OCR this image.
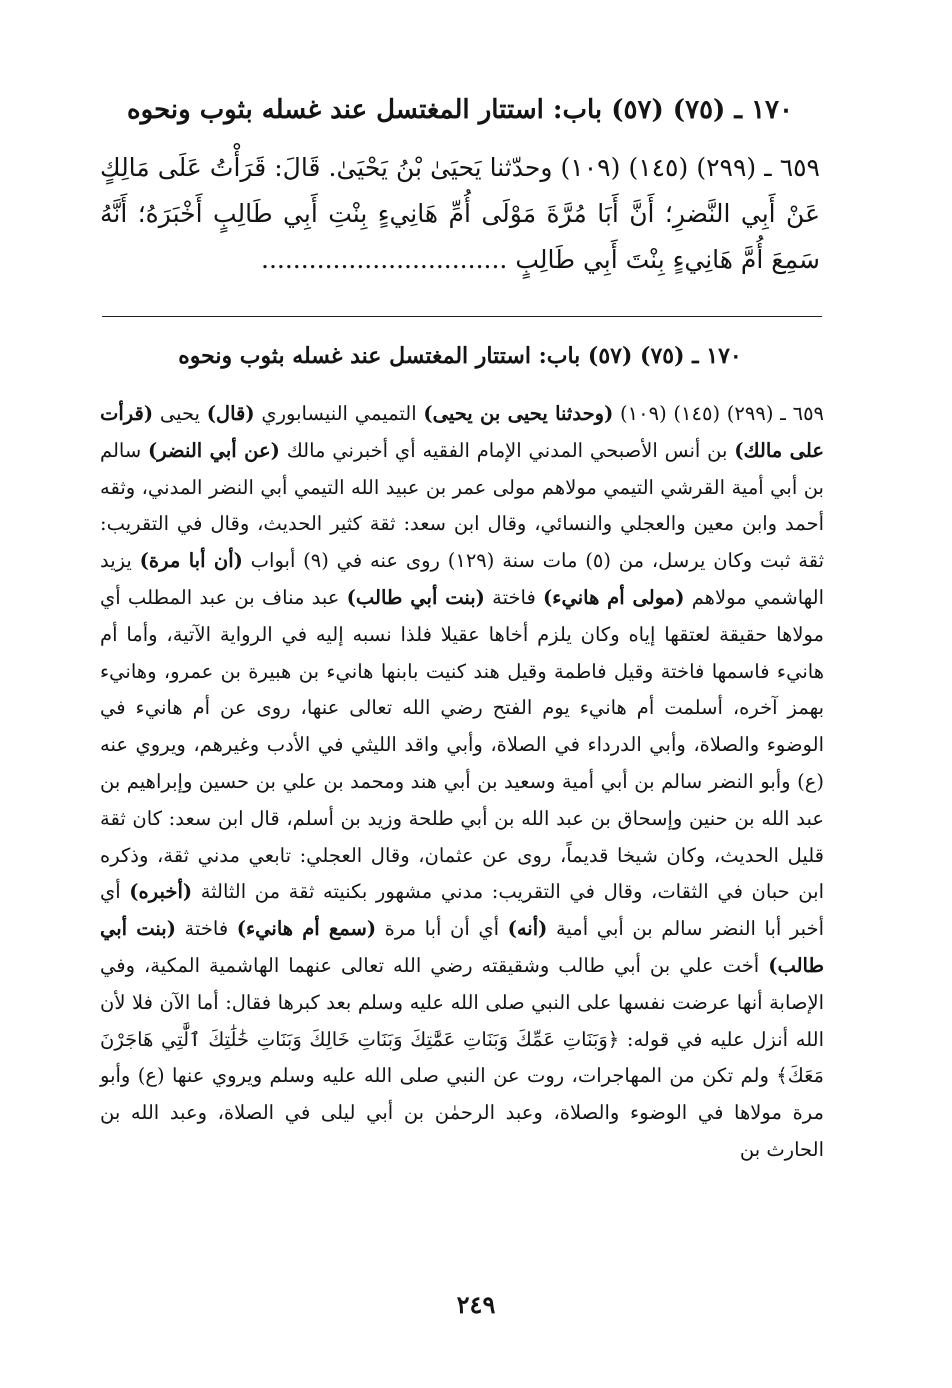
١٧٠ ـ (٧٥) (٥٧) باب: استتار المغتسل عند غسله بثوب ونحوه

٦٥٩ ـ (٢٩٩) (١٤٥) (١٠٩) وحدّثنا يَحيَىٰ بْنُ يَحْيَىٰ. قَالَ: قَرَأْتُ عَلَى مَالِكٍ عَنْ أَبِي النَّضرِ؛ أَنَّ أَبَا مُرَّةَ مَوْلَى أُمِّ هَانِيءٍ بِنْتِ أَبِي طَالِبٍ أَخْبَرَهُ؛ أَنَّهُ سَمِعَ أُمَّ هَانِيءٍ بِنْتَ أَبِي طَالِبٍ ...............................

١٧٠ ـ (٧٥) (٥٧) باب: استتار المغتسل عند غسله بثوب ونحوه

٦٥٩ ـ (٢٩٩) (١٤٥) (١٠٩) (وحدثنا يحيى بن يحيى) التميمي النيسابوري (قال) يحيى (قرأت على مالك) بن أنس الأصبحي المدني الإمام الفقيه أي أخبرني مالك (عن أبي النضر) سالم بن أبي أمية القرشي التيمي مولاهم مولى عمر بن عبيد الله التيمي أبي النضر المدني، وثقه أحمد وابن معين والعجلي والنسائي، وقال ابن سعد: ثقة كثير الحديث، وقال في التقريب: ثقة ثبت وكان يرسل، من (٥) مات سنة (١٢٩) روى عنه في (٩) أبواب (أن أبا مرة) يزيد الهاشمي مولاهم (مولى أم هانيء) فاختة (بنت أبي طالب) عبد مناف بن عبد المطلب أي مولاها حقيقة لعتقها إياه وكان يلزم أخاها عقيلا فلذا نسبه إليه في الرواية الآتية، وأما أم هانيء فاسمها فاختة وقيل فاطمة وقيل هند كنيت بابنها هانيء بن هبيرة بن عمرو، وهانيء بهمز آخره، أسلمت أم هانيء يوم الفتح رضي الله تعالى عنها، روى عن أم هانيء في الوضوء والصلاة، وأبي الدرداء في الصلاة، وأبي واقد الليثي في الأدب وغيرهم، ويروي عنه (ع) وأبو النضر سالم بن أبي أمية وسعيد بن أبي هند ومحمد بن علي بن حسين وإبراهيم بن عبد الله بن حنين وإسحاق بن عبد الله بن أبي طلحة وزيد بن أسلم، قال ابن سعد: كان ثقة قليل الحديث، وكان شيخا قديماً، روى عن عثمان، وقال العجلي: تابعي مدني ثقة، وذكره ابن حبان في الثقات، وقال في التقريب: مدني مشهور بكنيته ثقة من الثالثة (أخبره) أي أخبر أبا النضر سالم بن أبي أمية (أنه) أي أن أبا مرة (سمع أم هانيء) فاختة (بنت أبي طالب) أخت علي بن أبي طالب وشقيقته رضي الله تعالى عنهما الهاشمية المكية، وفي الإصابة أنها عرضت نفسها على النبي صلى الله عليه وسلم بعد كبرها فقال: أما الآن فلا لأن الله أنزل عليه في قوله: ﴿وَبَنَاتِ عَمِّكَ وَبَنَاتِ عَمَّٰتِكَ وَبَنَاتِ خَالِكَ وَبَنَاتِ خَٰلَٰتِكَ ٱلَّٰتِي هَاجَرْنَ مَعَكَ﴾ ولم تكن من المهاجرات، روت عن النبي صلى الله عليه وسلم ويروي عنها (ع) وأبو مرة مولاها في الوضوء والصلاة، وعبد الرحمٰن بن أبي ليلى في الصلاة، وعبد الله بن الحارث بن

٢٤٩
